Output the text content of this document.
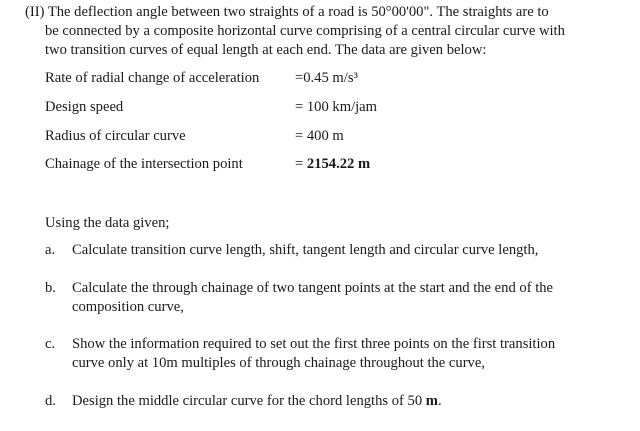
(II) The deflection angle between two straights of a road is 50°00'00". The straights are to
be connected by a composite horizontal curve comprising of a central circular curve with
two transition curves of equal length at each end. The data are given below:
Rate of radial change of acceleration =0.45 m/s³
Design speed	= 100 km/jam
Radius of circular curve	= 400 m
Chainage of the intersection point	= 2154.22 m
Using the data given;
a. Calculate transition curve length, shift, tangent length and circular curve length,
b. Calculate the through chainage of two tangent points at the start and the end of the
composition curve,
c. Show the information required to set out the first three points on the first transition
curve only at 10m multiples of through chainage throughout the curve,
d. Design the middle circular curve for the chord lengths of 50 m.
